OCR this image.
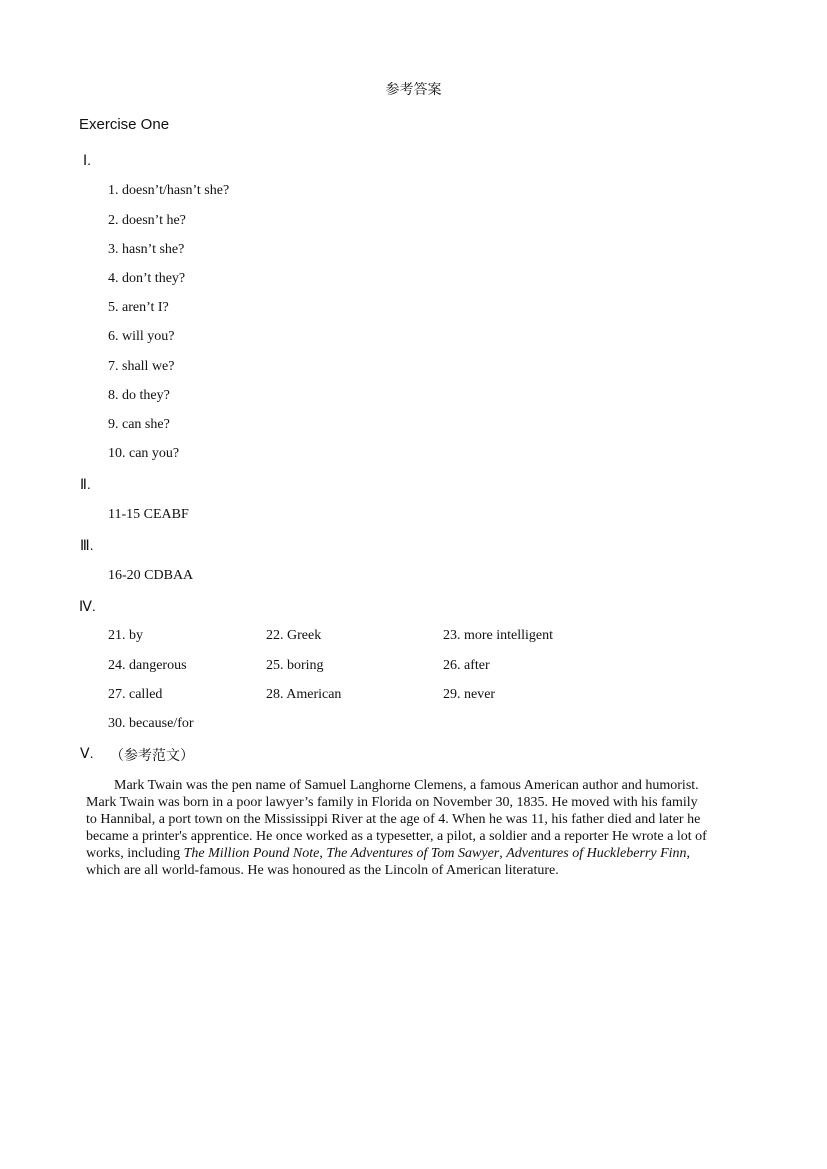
参考答案
Exercise One
Ⅰ.
1. doesn’t/hasn’t she?
2. doesn’t he?
3. hasn’t she?
4. don’t they?
5. aren’t I?
6. will you?
7. shall we?
8. do they?
9. can she?
10. can you?
Ⅱ.
11-15 CEABF
Ⅲ.
16-20 CDBAA
Ⅳ.
21. by	22. Greek	23. more intelligent
24. dangerous	25. boring	26. after
27. called	28. American	29. never
30. because/for
Ⅴ. （参考范文）

Mark Twain was the pen name of Samuel Langhorne Clemens, a famous American author and humorist.

Mark Twain was born in a poor lawyer’s family in Florida on November 30, 1835. He moved with his family

to Hannibal, a port town on the Mississippi River at the age of 4. When he was 11, his father died and later he

became a printer's apprentice. He once worked as a typesetter, a pilot, a soldier and a reporter He wrote a lot of

works, including The Million Pound Note, The Adventures of Tom Sawyer, Adventures of Huckleberry Finn,

which are all world-famous. He was honoured as the Lincoln of American literature.
